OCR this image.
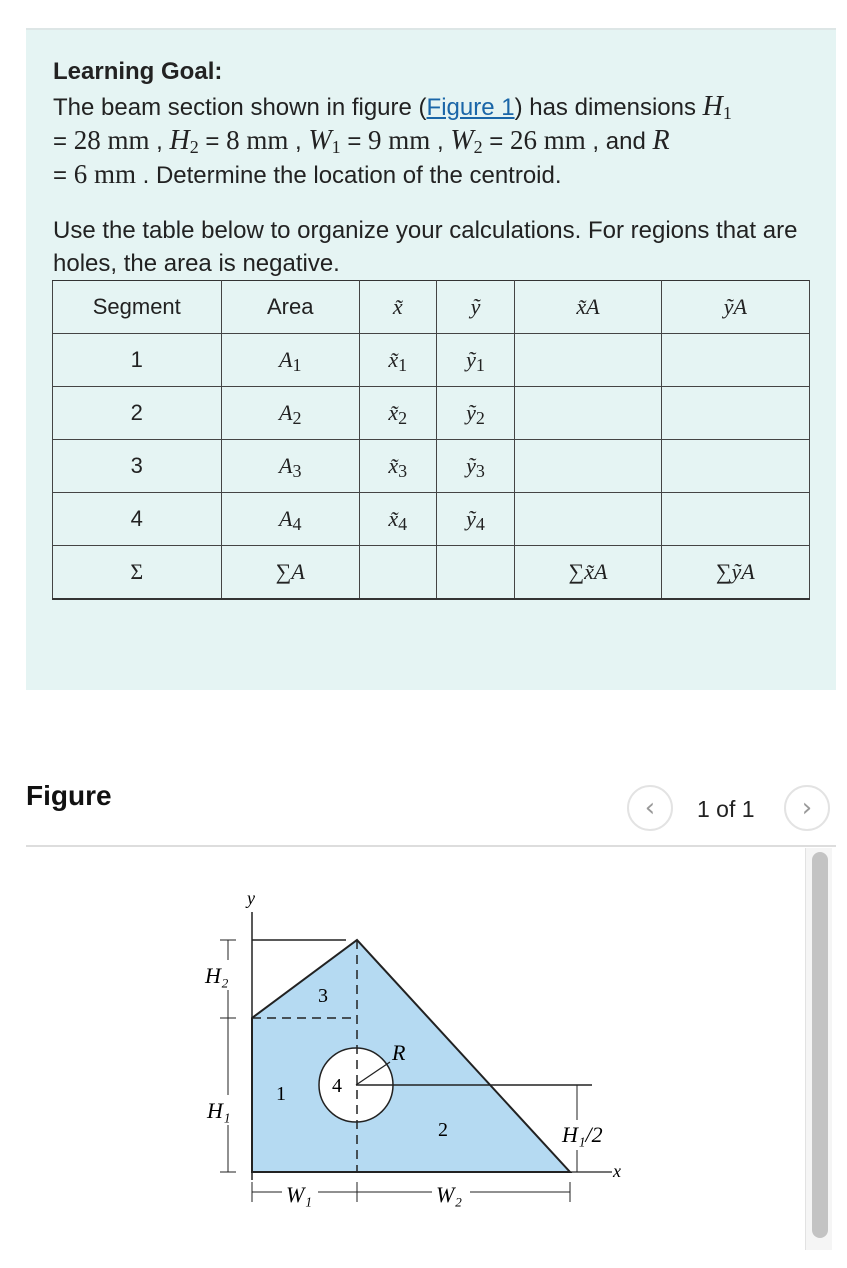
Learning Goal:
The beam section shown in figure (Figure 1) has dimensions $H_1$
= 28 mm , $H_2 = 8$ mm , $W_1 = 9$ mm , $W_2 = 26$ mm , and R
= 6 mm . Determine the location of the centroid.
Use the table below to organize your calculations. For regions that are holes, the area is negative.
Segment	Area	x̃	ỹ	x̃A	ỹA
1	$A_1$	$x̃_1$	ỹ$_1$		
2	$A_2$	$x̃_2$	ỹ$_2$		
3	$A_3$	$x̃_3$	ỹ$_3$		
4	$A_4$	$x̃_4$	ỹ$_4$		
Σ	∑A			∑x̃A	∑ỹA
Figure	‹ 1 of 1 ›
y
x
H₂
H₁
W₁	W₂
R
H₁/2
1
2
3
4
